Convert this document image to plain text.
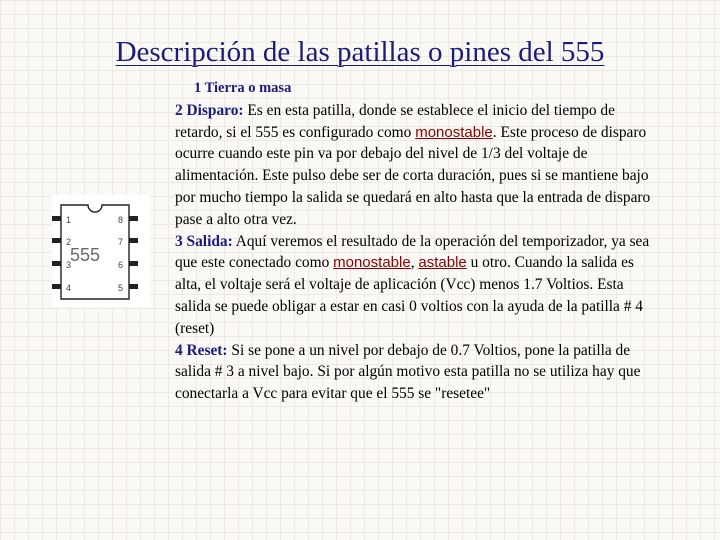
Descripción de las patillas o pines del 555
1
2
3
4
8
7
6
5
555
1 Tierra o masa
2 Disparo: Es en esta patilla, donde se establece el inicio del tiempo de retardo, si el 555 es configurado como monostable. Este proceso de disparo ocurre cuando este pin va por debajo del nivel de 1/3 del voltaje de alimentación. Este pulso debe ser de corta duración, pues si se mantiene bajo por mucho tiempo la salida se quedará en alto hasta que la entrada de disparo pase a alto otra vez.
3 Salida: Aquí veremos el resultado de la operación del temporizador, ya sea que este conectado como monostable, astable u otro. Cuando la salida es alta, el voltaje será el voltaje de aplicación (Vcc) menos 1.7 Voltios. Esta salida se puede obligar a estar en casi 0 voltios con la ayuda de la patilla # 4 (reset)
4 Reset: Si se pone a un nivel por debajo de 0.7 Voltios, pone la patilla de salida # 3 a nivel bajo. Si por algún motivo esta patilla no se utiliza hay que conectarla a Vcc para evitar que el 555 se "resetee"
